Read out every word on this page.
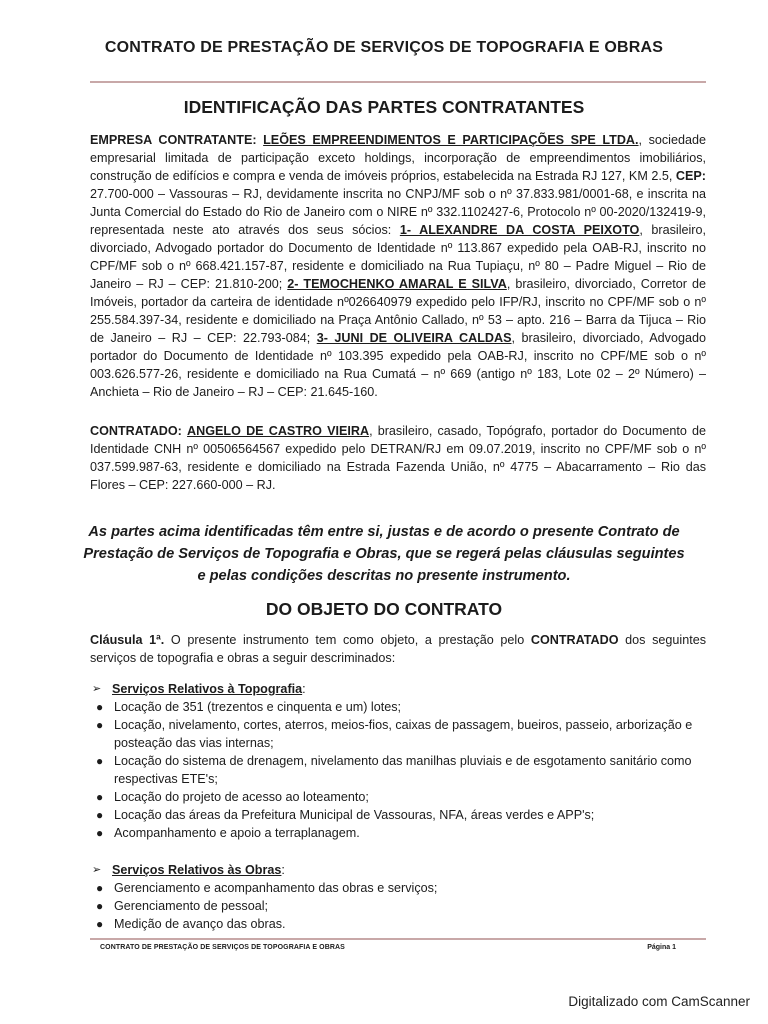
CONTRATO DE PRESTAÇÃO DE SERVIÇOS DE TOPOGRAFIA E OBRAS
IDENTIFICAÇÃO DAS PARTES CONTRATANTES

EMPRESA CONTRATANTE: LEÕES EMPREENDIMENTOS E PARTICIPAÇÕES SPE LTDA., sociedade empresarial limitada de participação exceto holdings, incorporação de empreendimentos imobiliários, construção de edifícios e compra e venda de imóveis próprios, estabelecida na Estrada RJ 127, KM 2.5, CEP: 27.700-000 – Vassouras – RJ, devidamente inscrita no CNPJ/MF sob o nº 37.833.981/0001-68, e inscrita na Junta Comercial do Estado do Rio de Janeiro com o NIRE nº 332.1102427-6, Protocolo nº 00-2020/132419-9, representada neste ato através dos seus sócios: 1- ALEXANDRE DA COSTA PEIXOTO, brasileiro, divorciado, Advogado portador do Documento de Identidade nº 113.867 expedido pela OAB-RJ, inscrito no CPF/MF sob o nº 668.421.157-87, residente e domiciliado na Rua Tupiaçu, nº 80 – Padre Miguel – Rio de Janeiro – RJ – CEP: 21.810-200; 2- TEMOCHENKO AMARAL E SILVA, brasileiro, divorciado, Corretor de Imóveis, portador da carteira de identidade nº026640979 expedido pelo IFP/RJ, inscrito no CPF/MF sob o nº 255.584.397-34, residente e domiciliado na Praça Antônio Callado, nº 53 – apto. 216 – Barra da Tijuca – Rio de Janeiro – RJ – CEP: 22.793-084; 3- JUNI DE OLIVEIRA CALDAS, brasileiro, divorciado, Advogado portador do Documento de Identidade nº 103.395 expedido pela OAB-RJ, inscrito no CPF/ME sob o nº 003.626.577-26, residente e domiciliado na Rua Cumatá – nº 669 (antigo nº 183, Lote 02 – 2º Número) – Anchieta – Rio de Janeiro – RJ – CEP: 21.645-160.

CONTRATADO: ANGELO DE CASTRO VIEIRA, brasileiro, casado, Topógrafo, portador do Documento de Identidade CNH nº 00506564567 expedido pelo DETRAN/RJ em 09.07.2019, inscrito no CPF/MF sob o nº 037.599.987-63, residente e domiciliado na Estrada Fazenda União, nº 4775 – Abacarramento – Rio das Flores – CEP: 227.660-000 – RJ.

As partes acima identificadas têm entre si, justas e de acordo o presente Contrato de Prestação de Serviços de Topografia e Obras, que se regerá pelas cláusulas seguintes e pelas condições descritas no presente instrumento.

DO OBJETO DO CONTRATO

Cláusula 1ª. O presente instrumento tem como objeto, a prestação pelo CONTRATADO dos seguintes serviços de topografia e obras a seguir descriminados:

➢ Serviços Relativos à Topografia:
● Locação de 351 (trezentos e cinquenta e um) lotes;
● Locação, nivelamento, cortes, aterros, meios-fios, caixas de passagem, bueiros, passeio, arborização e posteação das vias internas;
● Locação do sistema de drenagem, nivelamento das manilhas pluviais e de esgotamento sanitário como respectivas ETE's;
● Locação do projeto de acesso ao loteamento;
● Locação das áreas da Prefeitura Municipal de Vassouras, NFA, áreas verdes e APP's;
● Acompanhamento e apoio a terraplanagem.
➢ Serviços Relativos às Obras:
● Gerenciamento e acompanhamento das obras e serviços;
● Gerenciamento de pessoal;
● Medição de avanço das obras.
CONTRATO DE PRESTAÇÃO DE SERVIÇOS DE TOPOGRAFIA E OBRAS	Página 1
Digitalizado com CamScanner
